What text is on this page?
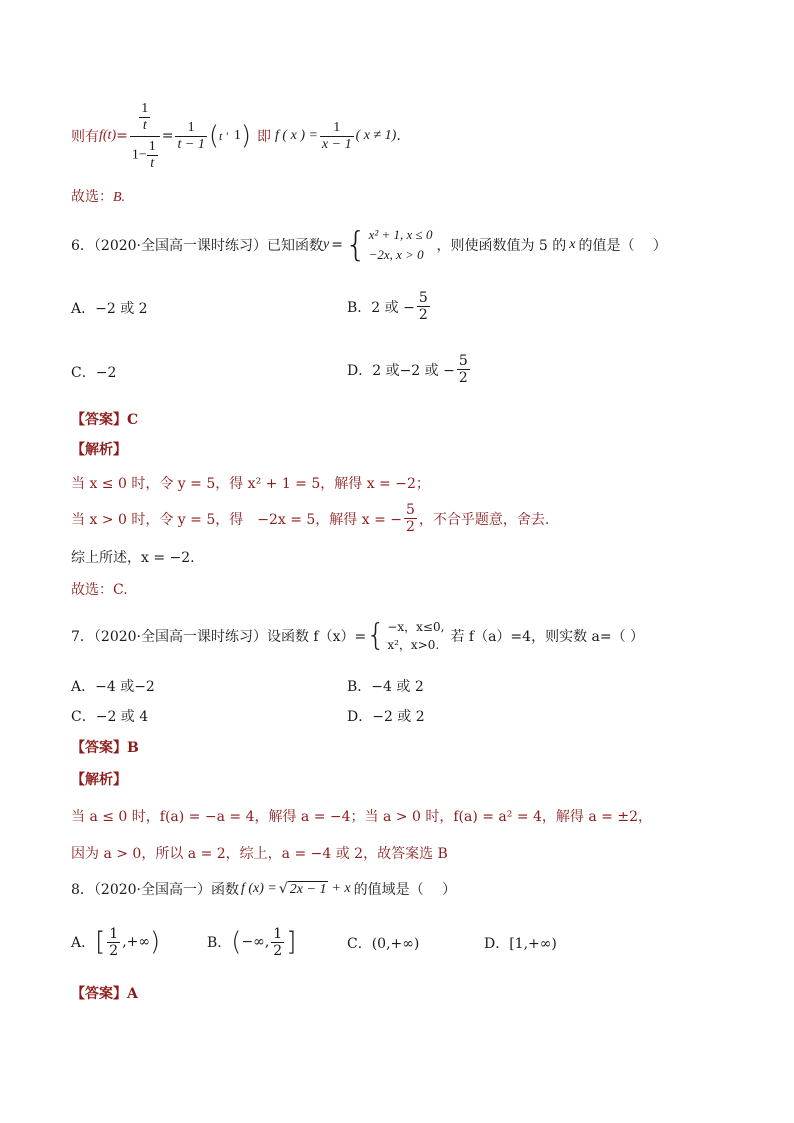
则有 $f(t) = \frac{\frac{1}{t}}{1- \frac{1}{t}} = \frac{1}{t - 1}$ ( t ' 1 ) 即 f ( x ) = $\frac{1}{x - 1}$ ( x ≠ 1) .
故选：B.
6．（2020·全国高一课时练习）已知函数 y = { x² + 1, x ≤ 0
−2x, x > 0
，则使函数值为 5 的 x 的值是（　 ）
A．−2 或 2	B．2 或 − $\frac{5}{2}$
C．−2	D．2 或−2 或 − $\frac{5}{2}$
【答案】C
【解析】
当 x ≤ 0 时，令 y = 5，得 x² + 1 = 5，解得 x = −2；
当 x > 0 时，令 y = 5，得　−2x = 5，解得 x = − $\frac{5}{2}$ ，不合乎题意，舍去.
综上所述，x = −2.
故选：C.
7．（2020·全国高一课时练习）设函数 f（x）= { −x，x≤0,
x²，x>0. 若 f（a）=4，则实数 a=（ ）
A．−4 或−2	B．−4 或 2
C．−2 或 4	D．−2 或 2
【答案】B
【解析】
当 a ≤ 0 时，f(a) = −a = 4，解得 a = −4；当 a > 0 时，f(a) = a² = 4，解得 a = ±2，
因为 a > 0，所以 a = 2，综上，a = −4 或 2，故答案选 B
8．（2020·全国高一）函数 f (x) = √ 2x − 1 + x 的值域是（　 ）
A． [ $\frac{1}{2}$ ,+∞ )	B． ( −∞, $\frac{1}{2}$ ]	C．(0,+∞)	D．[1,+∞)
【答案】A
